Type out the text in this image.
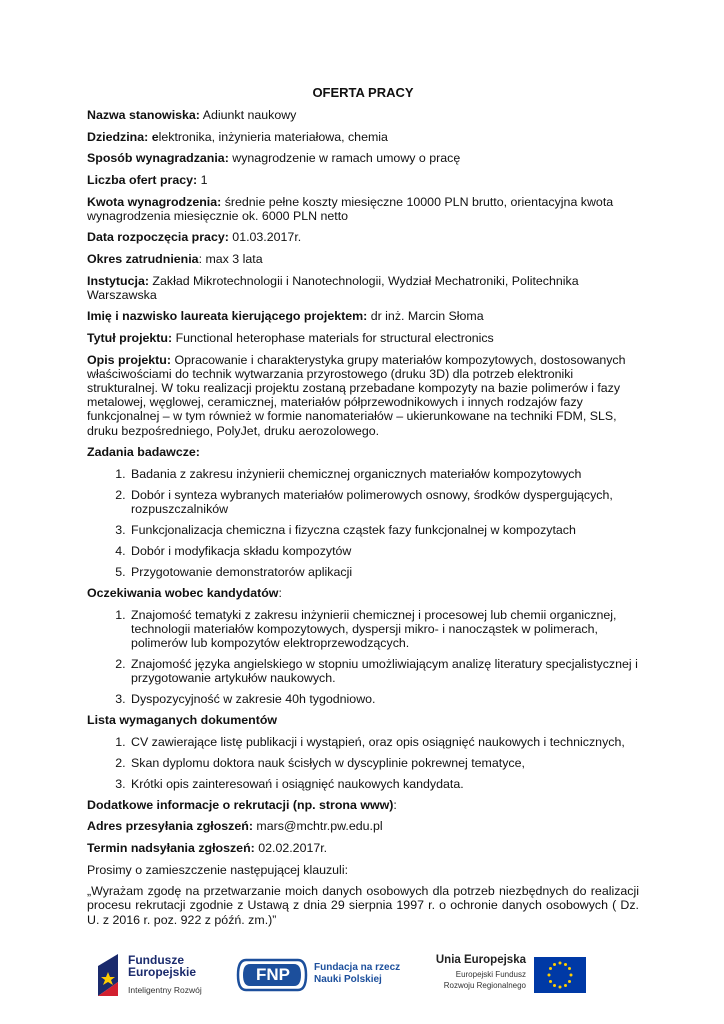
OFERTA PRACY
Nazwa stanowiska: Adiunkt naukowy
Dziedzina: elektronika, inżynieria materiałowa, chemia
Sposób wynagradzania: wynagrodzenie w ramach umowy o pracę
Liczba ofert pracy: 1
Kwota wynagrodzenia: średnie pełne koszty miesięczne 10000 PLN brutto, orientacyjna kwota wynagrodzenia miesięcznie ok. 6000 PLN netto
Data rozpoczęcia pracy: 01.03.2017r.
Okres zatrudnienia: max 3 lata
Instytucja: Zakład Mikrotechnologii i Nanotechnologii, Wydział Mechatroniki, Politechnika Warszawska
Imię i nazwisko laureata kierującego projektem: dr inż. Marcin Słoma
Tytuł projektu: Functional heterophase materials for structural electronics
Opis projektu: Opracowanie i charakterystyka grupy materiałów kompozytowych, dostosowanych właściwościami do technik wytwarzania przyrostowego (druku 3D) dla potrzeb elektroniki strukturalnej. W toku realizacji projektu zostaną przebadane kompozyty na bazie polimerów i fazy metalowej, węglowej, ceramicznej, materiałów półprzewodnikowych i innych rodzajów fazy funkcjonalnej – w tym również w formie nanomateriałów – ukierunkowane na techniki FDM, SLS, druku bezpośredniego, PolyJet, druku aerozolowego.
Zadania badawcze:
1. Badania z zakresu inżynierii chemicznej organicznych materiałów kompozytowych
2. Dobór i synteza wybranych materiałów polimerowych osnowy, środków dyspergujących, rozpuszczalników
3. Funkcjonalizacja chemiczna i fizyczna cząstek fazy funkcjonalnej w kompozytach
4. Dobór i modyfikacja składu kompozytów
5. Przygotowanie demonstratorów aplikacji
Oczekiwania wobec kandydatów:
1. Znajomość tematyki z zakresu inżynierii chemicznej i procesowej lub chemii organicznej, technologii materiałów kompozytowych, dyspersji mikro- i nanocząstek w polimerach, polimerów lub kompozytów elektroprzewodzących.
2. Znajomość języka angielskiego w stopniu umożliwiającym analizę literatury specjalistycznej i przygotowanie artykułów naukowych.
3. Dyspozycyjność w zakresie 40h tygodniowo.
Lista wymaganych dokumentów
1. CV zawierające listę publikacji i wystąpień, oraz opis osiągnięć naukowych i technicznych,
2. Skan dyplomu doktora nauk ścisłych w dyscyplinie pokrewnej tematyce,
3. Krótki opis zainteresowań i osiągnięć naukowych kandydata.
Dodatkowe informacje o rekrutacji (np. strona www):
Adres przesyłania zgłoszeń: mars@mchtr.pw.edu.pl
Termin nadsyłania zgłoszeń: 02.02.2017r.
Prosimy o zamieszczenie następującej klauzuli:
„Wyrażam zgodę na przetwarzanie moich danych osobowych dla potrzeb niezbędnych do realizacji procesu rekrutacji zgodnie z Ustawą z dnia 29 sierpnia 1997 r. o ochronie danych osobowych ( Dz. U. z 2016 r. poz. 922 z późń. zm.)”
Fundusze
Europejskie
Inteligentny Rozwój
FNP	Fundacja na rzecz
Nauki Polskiej
Unia Europejska
Europejski Fundusz
Rozwoju Regionalnego
